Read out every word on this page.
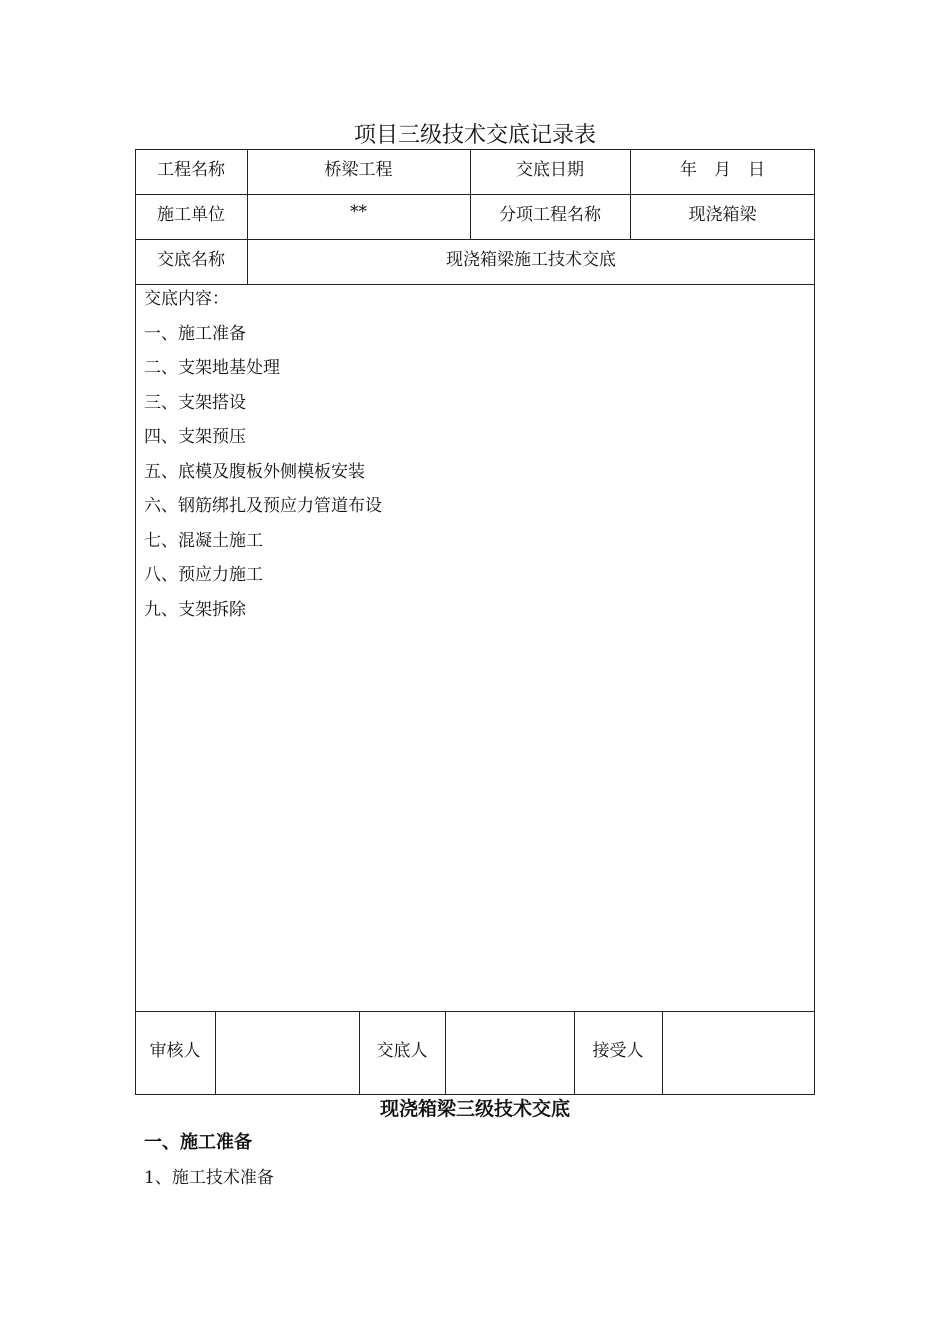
项目三级技术交底记录表
工程名称	桥梁工程	交底日期	年　月　日
施工单位	**	分项工程名称	现浇箱梁
交底名称	现浇箱梁施工技术交底
交底内容：
一、施工准备
二、支架地基处理
三、支架搭设
四、支架预压
五、底模及腹板外侧模板安装
六、钢筋绑扎及预应力管道布设
七、混凝土施工
八、预应力施工
九、支架拆除
审核人	交底人	接受人
现浇箱梁三级技术交底
一、施工准备
1、施工技术准备
